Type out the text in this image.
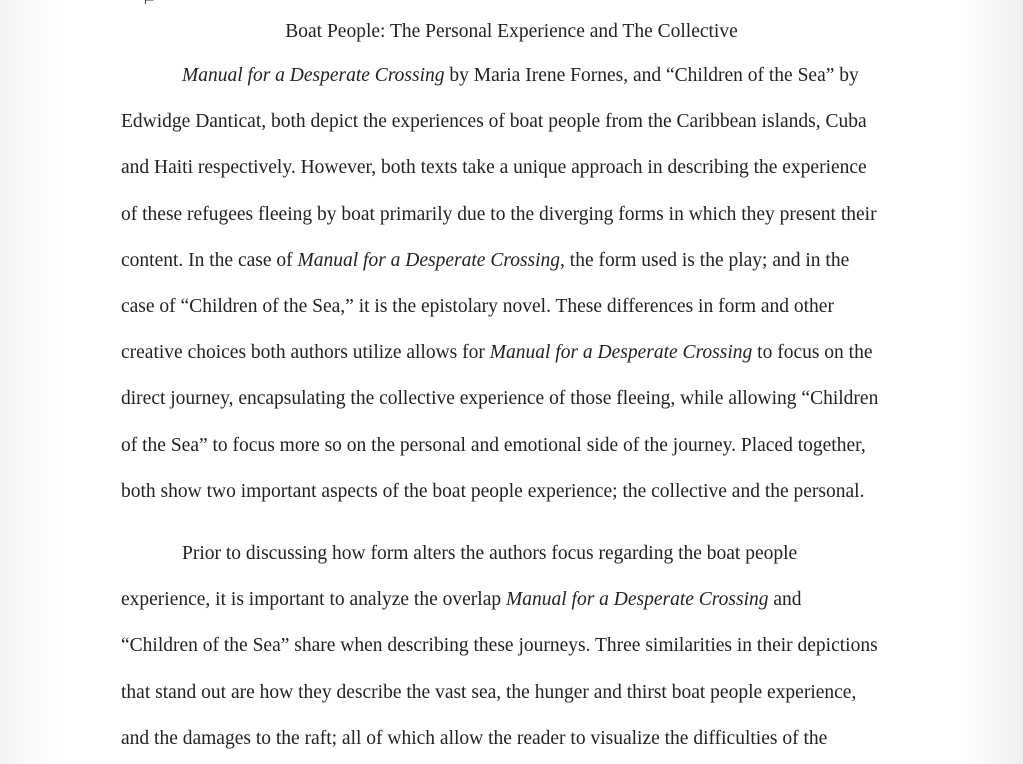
⌐
Boat People: The Personal Experience and The Collective
Manual for a Desperate Crossing by Maria Irene Fornes, and “Children of the Sea” by
Edwidge Danticat, both depict the experiences of boat people from the Caribbean islands, Cuba
and Haiti respectively. However, both texts take a unique approach in describing the experience
of these refugees fleeing by boat primarily due to the diverging forms in which they present their
content. In the case of Manual for a Desperate Crossing, the form used is the play; and in the
case of “Children of the Sea,” it is the epistolary novel. These differences in form and other
creative choices both authors utilize allows for Manual for a Desperate Crossing to focus on the
direct journey, encapsulating the collective experience of those fleeing, while allowing “Children
of the Sea” to focus more so on the personal and emotional side of the journey. Placed together,
both show two important aspects of the boat people experience; the collective and the personal.
Prior to discussing how form alters the authors focus regarding the boat people
experience, it is important to analyze the overlap Manual for a Desperate Crossing and
“Children of the Sea” share when describing these journeys. Three similarities in their depictions
that stand out are how they describe the vast sea, the hunger and thirst boat people experience,
and the damages to the raft; all of which allow the reader to visualize the difficulties of the
